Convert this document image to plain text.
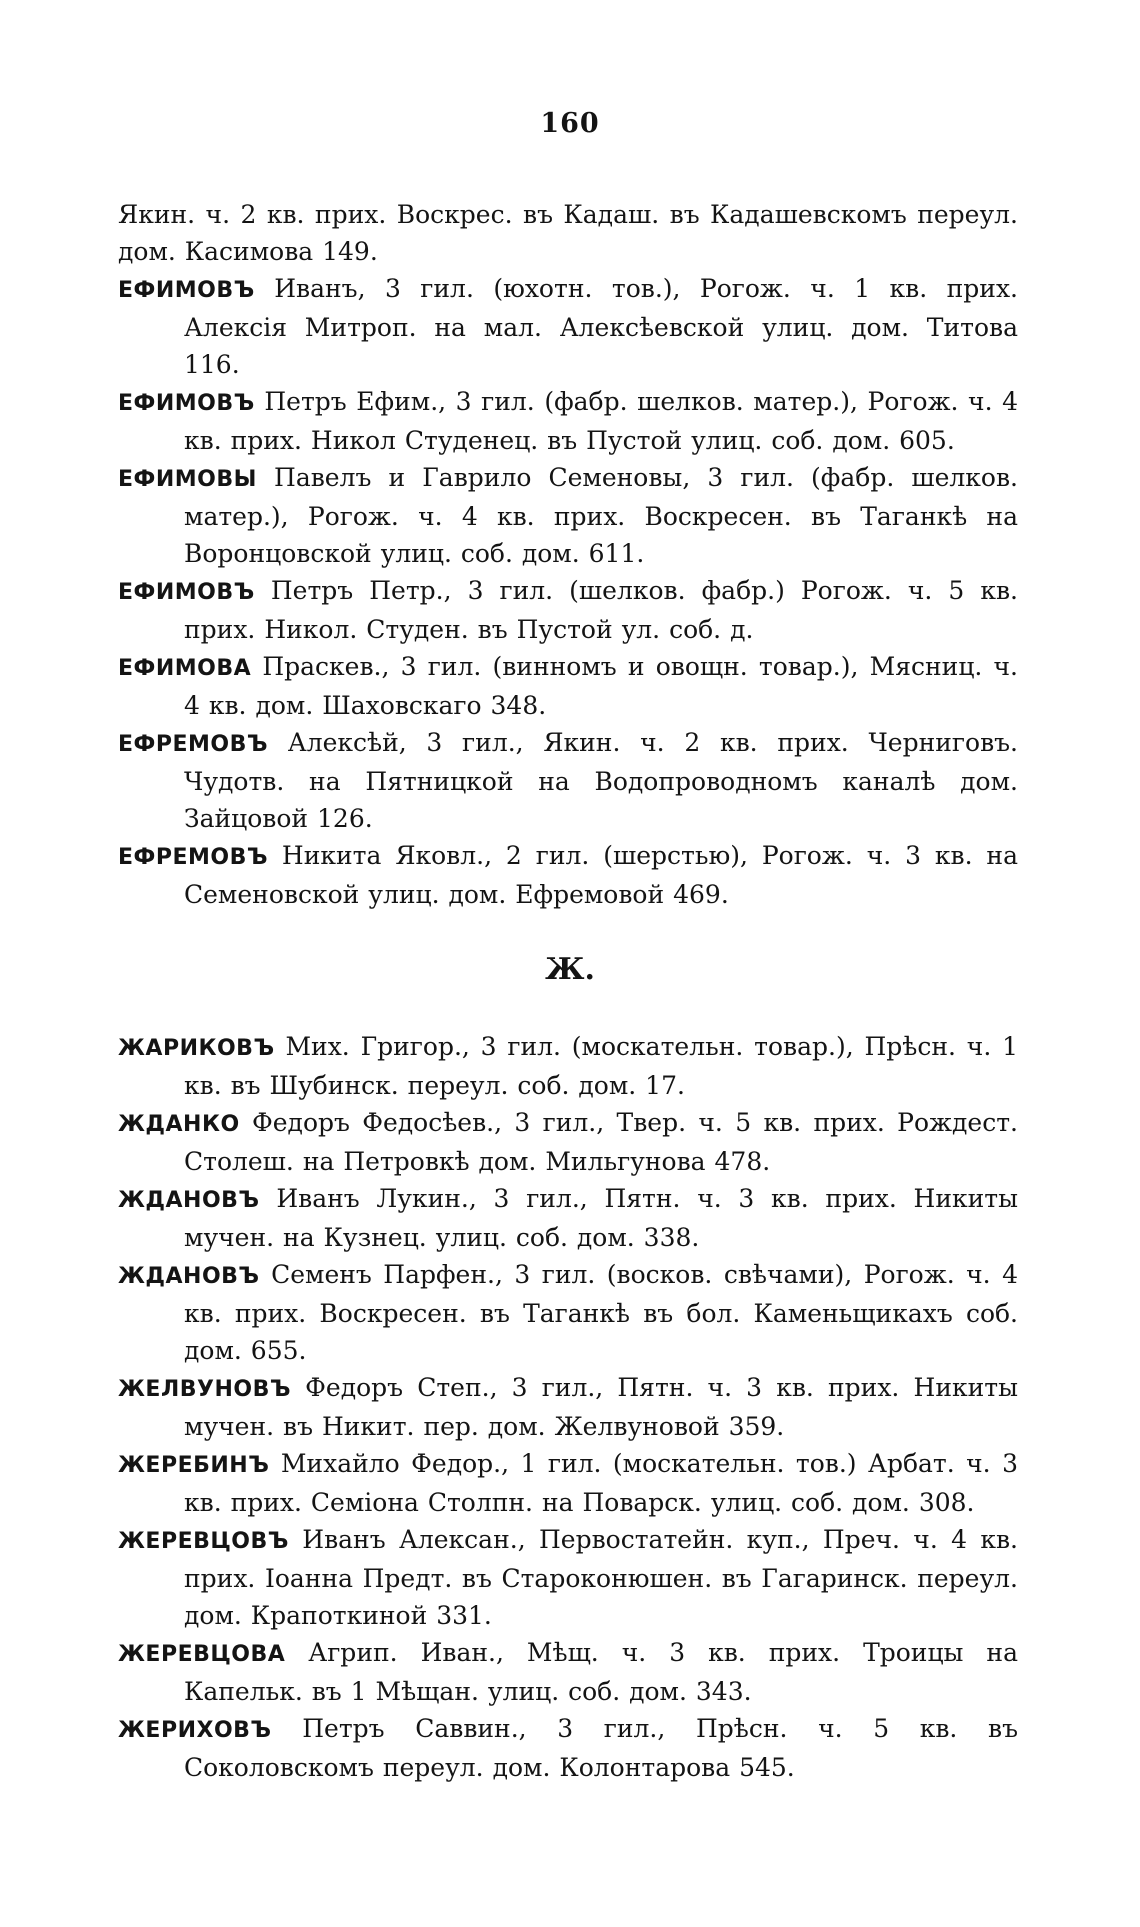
160

Якин. ч. 2 кв. прих. Воскрес. въ Кадаш. въ Кадашевскомъ переул. дом. Касимова 149.

ЕФИМОВЪ Иванъ, 3 гил. (юхотн. тов.), Рогож. ч. 1 кв. прих. Алексія Митроп. на мал. Алексѣевской улиц. дом. Титова 116.

ЕФИМОВЪ Петръ Ефим., 3 гил. (фабр. шелков. матер.), Рогож. ч. 4 кв. прих. Никол Студенец. въ Пустой улиц. соб. дом. 605.

ЕФИМОВЫ Павелъ и Гаврило Семеновы, 3 гил. (фабр. шелков. матер.), Рогож. ч. 4 кв. прих. Воскресен. въ Таганкѣ на Воронцовской улиц. соб. дом. 611.

ЕФИМОВЪ Петръ Петр., 3 гил. (шелков. фабр.) Рогож. ч. 5 кв. прих. Никол. Студен. въ Пустой ул. соб. д.

ЕФИМОВА Праскев., 3 гил. (винномъ и овощн. товар.), Мясниц. ч. 4 кв. дом. Шаховскаго 348.

ЕФРЕМОВЪ Алексѣй, 3 гил., Якин. ч. 2 кв. прих. Черниговъ. Чудотв. на Пятницкой на Водопроводномъ каналѣ дом. Зайцовой 126.

ЕФРЕМОВЪ Никита Яковл., 2 гил. (шерстью), Рогож. ч. 3 кв. на Семеновской улиц. дом. Ефремовой 469.

Ж.

ЖАРИКОВЪ Мих. Григор., 3 гил. (москательн. товар.), Прѣсн. ч. 1 кв. въ Шубинск. переул. соб. дом. 17.

ЖДАНКО Федоръ Федосѣев., 3 гил., Твер. ч. 5 кв. прих. Рождест. Столеш. на Петровкѣ дом. Мильгунова 478.

ЖДАНОВЪ Иванъ Лукин., 3 гил., Пятн. ч. 3 кв. прих. Никиты мучен. на Кузнец. улиц. соб. дом. 338.

ЖДАНОВЪ Семенъ Парфен., 3 гил. (восков. свѣчами), Рогож. ч. 4 кв. прих. Воскресен. въ Таганкѣ въ бол. Каменьщикахъ соб. дом. 655.

ЖЕЛВУНОВЪ Федоръ Степ., 3 гил., Пятн. ч. 3 кв. прих. Никиты мучен. въ Никит. пер. дом. Желвуновой 359.

ЖЕРЕБИНЪ Михайло Федор., 1 гил. (москательн. тов.) Арбат. ч. 3 кв. прих. Семіона Столпн. на Поварск. улиц. соб. дом. 308.

ЖЕРЕВЦОВЪ Иванъ Алексан., Первостатейн. куп., Преч. ч. 4 кв. прих. Іоанна Предт. въ Староконюшен. въ Гагаринск. переул. дом. Крапоткиной 331.

ЖЕРЕВЦОВА Агрип. Иван., Мѣщ. ч. 3 кв. прих. Троицы на Капельк. въ 1 Мѣщан. улиц. соб. дом. 343.

ЖЕРИХОВЪ Петръ Саввин., 3 гил., Прѣсн. ч. 5 кв. въ Соколовскомъ переул. дом. Колонтарова 545.
